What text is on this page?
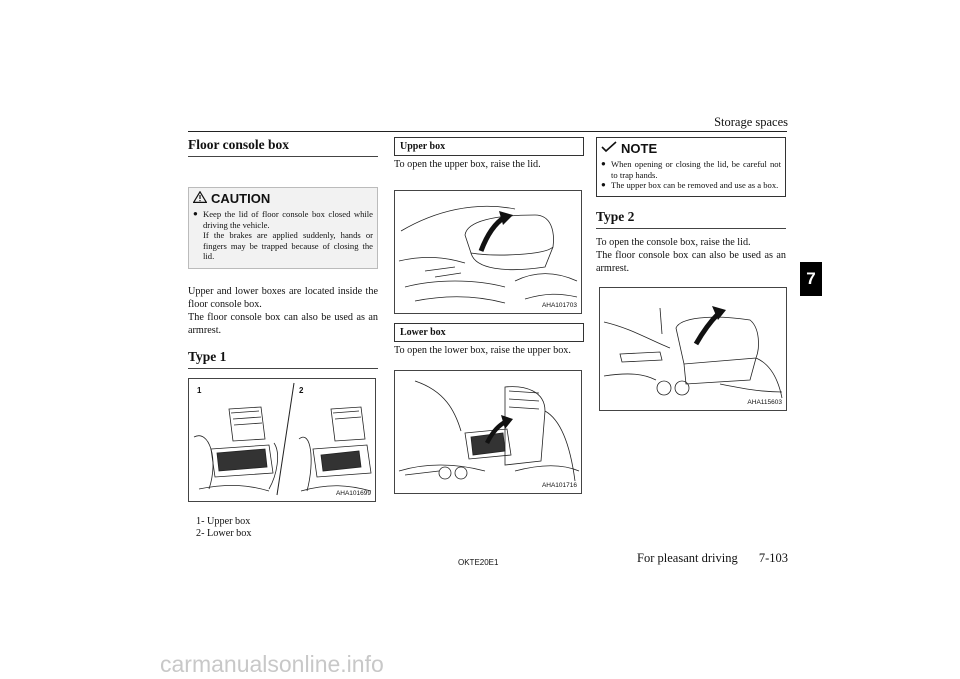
Storage spaces
7
Floor console box
CAUTION
● Keep the lid of floor console box closed while driving the vehicle.
If the brakes are applied suddenly, hands or fingers may be trapped because of closing the lid.
Upper and lower boxes are located inside the floor console box.
The floor console box can also be used as an armrest.
Type 1
1	2
AHA101699
1- Upper box
2- Lower box
Upper box
To open the upper box, raise the lid.
AHA101703
Lower box
To open the lower box, raise the upper box.
AHA101716
NOTE
● When opening or closing the lid, be careful not to trap hands.
● The upper box can be removed and use as a box.
Type 2
To open the console box, raise the lid.
The floor console box can also be used as an armrest.
AHA115603
OKTE20E1	For pleasant driving 7-103
carmanualsonline.info
